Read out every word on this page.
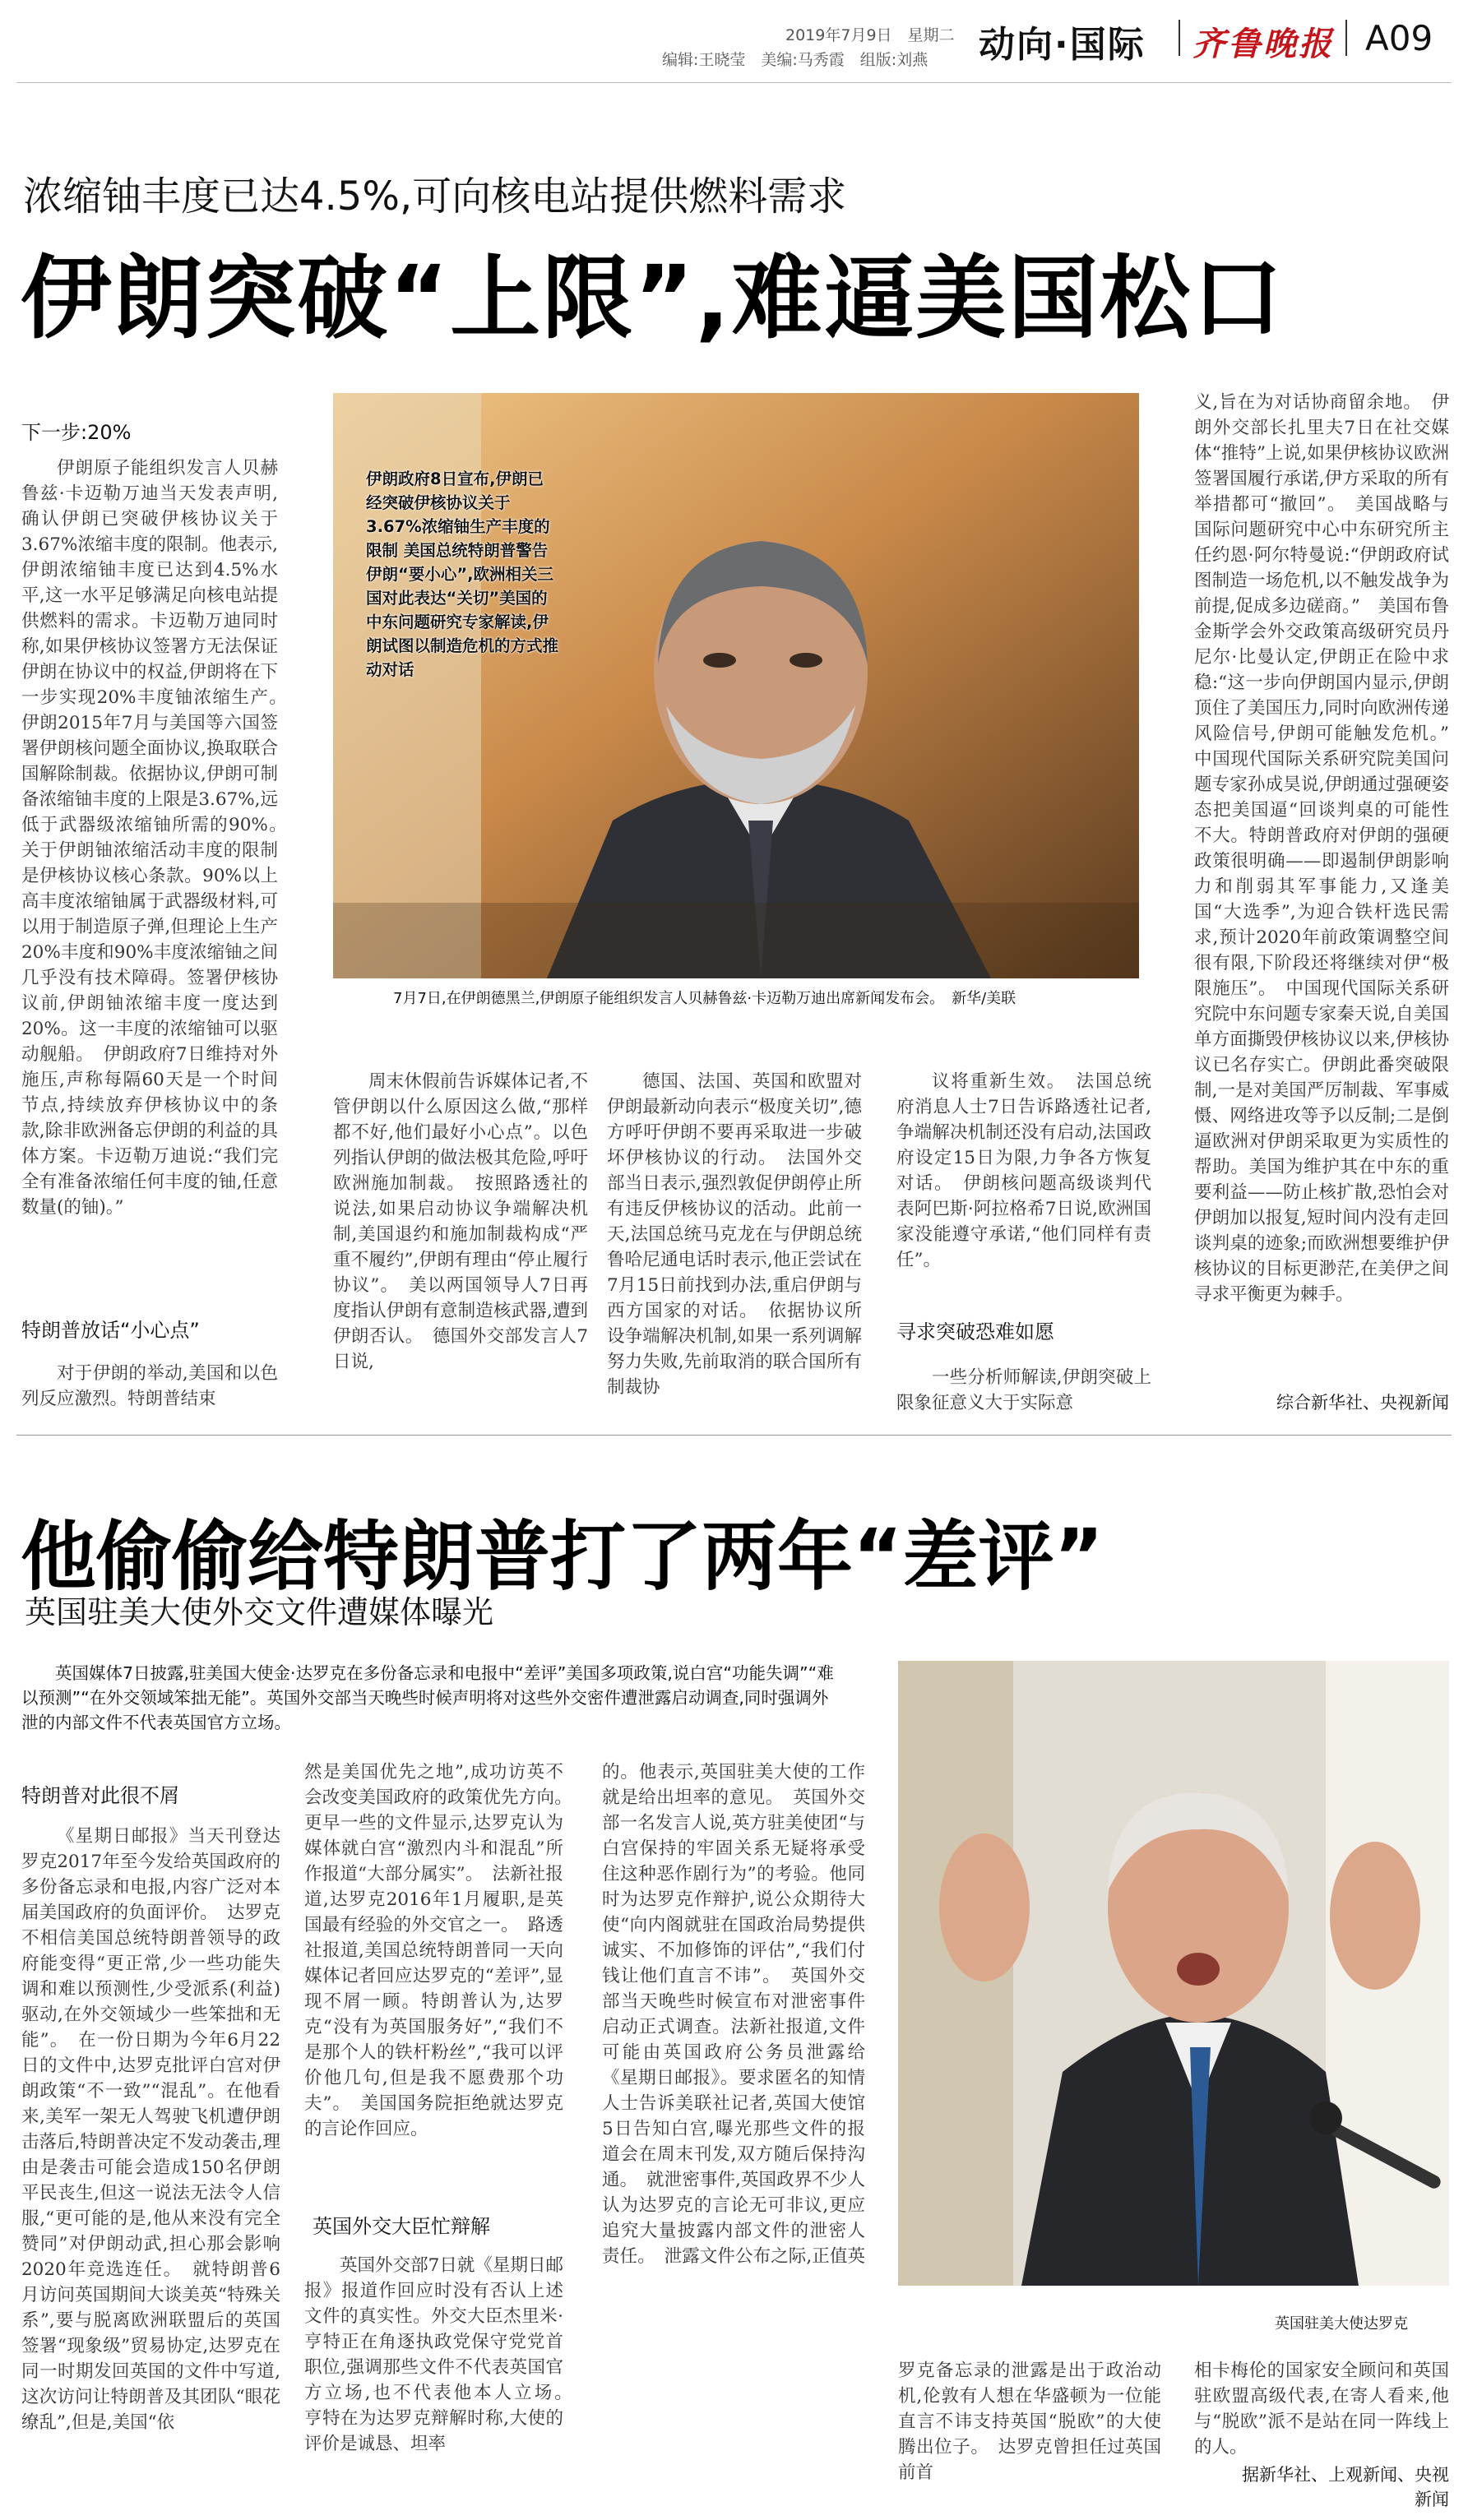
2019年7月9日　星期二
编辑:王晓莹　美编:马秀霞　组版:刘燕 动向·国际 齐鲁晚报 A09
浓缩铀丰度已达4.5%,可向核电站提供燃料需求
伊朗突破“上限”,难逼美国松口
下一步:20%

伊朗原子能组织发言人贝赫鲁兹·卡迈勒万迪当天发表声明,确认伊朗已突破伊核协议关于3.67%浓缩丰度的限制。他表示,伊朗浓缩铀丰度已达到4.5%水平,这一水平足够满足向核电站提供燃料的需求。卡迈勒万迪同时称,如果伊核协议签署方无法保证伊朗在协议中的权益,伊朗将在下一步实现20%丰度铀浓缩生产。　伊朗2015年7月与美国等六国签署伊朗核问题全面协议,换取联合国解除制裁。依据协议,伊朗可制备浓缩铀丰度的上限是3.67%,远低于武器级浓缩铀所需的90%。　关于伊朗铀浓缩活动丰度的限制是伊核协议核心条款。90%以上高丰度浓缩铀属于武器级材料,可以用于制造原子弹,但理论上生产20%丰度和90%丰度浓缩铀之间几乎没有技术障碍。签署伊核协议前,伊朗铀浓缩丰度一度达到20%。这一丰度的浓缩铀可以驱动舰船。　伊朗政府7日维持对外施压,声称每隔60天是一个时间节点,持续放弃伊核协议中的条款,除非欧洲备忘伊朗的利益的具体方案。卡迈勒万迪说:“我们完全有准备浓缩任何丰度的铀,任意数量(的铀)。”

特朗普放话“小心点”

对于伊朗的举动,美国和以色列反应激烈。特朗普结束

伊朗政府8日宣布,伊朗已经突破伊核协议关于3.67%浓缩铀生产丰度的限制 美国总统特朗普警告伊朗“要小心”,欧洲相关三国对此表达“关切”美国的中东问题研究专家解读,伊朗试图以制造危机的方式推动对话
7月7日,在伊朗德黑兰,伊朗原子能组织发言人贝赫鲁兹·卡迈勒万迪出席新闻发布会。　新华/美联

周末休假前告诉媒体记者,不管伊朗以什么原因这么做,“那样都不好,他们最好小心点”。以色列指认伊朗的做法极其危险,呼吁欧洲施加制裁。　按照路透社的说法,如果启动协议争端解决机制,美国退约和施加制裁构成“严重不履约”,伊朗有理由“停止履行协议”。　美以两国领导人7日再度指认伊朗有意制造核武器,遭到伊朗否认。　德国外交部发言人7日说,

德国、法国、英国和欧盟对伊朗最新动向表示“极度关切”,德方呼吁伊朗不要再采取进一步破坏伊核协议的行动。　法国外交部当日表示,强烈敦促伊朗停止所有违反伊核协议的活动。此前一天,法国总统马克龙在与伊朗总统鲁哈尼通电话时表示,他正尝试在7月15日前找到办法,重启伊朗与西方国家的对话。　依据协议所设争端解决机制,如果一系列调解努力失败,先前取消的联合国所有制裁协

议将重新生效。　法国总统府消息人士7日告诉路透社记者,争端解决机制还没有启动,法国政府设定15日为限,力争各方恢复对话。　伊朗核问题高级谈判代表阿巴斯·阿拉格希7日说,欧洲国家没能遵守承诺,“他们同样有责任”。

寻求突破恐难如愿

一些分析师解读,伊朗突破上限象征意义大于实际意

义,旨在为对话协商留余地。　伊朗外交部长扎里夫7日在社交媒体“推特”上说,如果伊核协议欧洲签署国履行承诺,伊方采取的所有举措都可“撤回”。　美国战略与国际问题研究中心中东研究所主任约恩·阿尔特曼说:“伊朗政府试图制造一场危机,以不触发战争为前提,促成多边磋商。”　美国布鲁金斯学会外交政策高级研究员丹尼尔·比曼认定,伊朗正在险中求稳:“这一步向伊朗国内显示,伊朗顶住了美国压力,同时向欧洲传递风险信号,伊朗可能触发危机。”　中国现代国际关系研究院美国问题专家孙成昊说,伊朗通过强硬姿态把美国逼“回谈判桌的可能性不大。特朗普政府对伊朗的强硬政策很明确——即遏制伊朗影响力和削弱其军事能力,又逢美国“大选季”,为迎合铁杆选民需求,预计2020年前政策调整空间很有限,下阶段还将继续对伊“极限施压”。　中国现代国际关系研究院中东问题专家秦天说,自美国单方面撕毁伊核协议以来,伊核协议已名存实亡。伊朗此番突破限制,一是对美国严厉制裁、军事威慑、网络进攻等予以反制;二是倒逼欧洲对伊朗采取更为实质性的帮助。美国为维护其在中东的重要利益——防止核扩散,恐怕会对伊朗加以报复,短时间内没有走回谈判桌的迹象;而欧洲想要维护伊核协议的目标更渺茫,在美伊之间寻求平衡更为棘手。

综合新华社、央视新闻
他偷偷给特朗普打了两年“差评”
英国驻美大使外交文件遭媒体曝光
英国媒体7日披露,驻美国大使金·达罗克在多份备忘录和电报中“差评”美国多项政策,说白宫“功能失调”“难以预测”“在外交领域笨拙无能”。英国外交部当天晚些时候声明将对这些外交密件遭泄露启动调查,同时强调外泄的内部文件不代表英国官方立场。
特朗普对此很不屑

《星期日邮报》当天刊登达罗克2017年至今发给英国政府的多份备忘录和电报,内容广泛对本届美国政府的负面评价。　达罗克不相信美国总统特朗普领导的政府能变得“更正常,少一些功能失调和难以预测性,少受派系(利益)驱动,在外交领域少一些笨拙和无能”。　在一份日期为今年6月22日的文件中,达罗克批评白宫对伊朗政策“不一致”“混乱”。在他看来,美军一架无人驾驶飞机遭伊朗击落后,特朗普决定不发动袭击,理由是袭击可能会造成150名伊朗平民丧生,但这一说法无法令人信服,“更可能的是,他从来没有完全赞同”对伊朗动武,担心那会影响2020年竞选连任。　就特朗普6月访问英国期间大谈美英“特殊关系”,要与脱离欧洲联盟后的英国签署“现象级”贸易协定,达罗克在同一时期发回英国的文件中写道,这次访问让特朗普及其团队“眼花缭乱”,但是,美国“依

然是美国优先之地”,成功访英不会改变美国政府的政策优先方向。　更早一些的文件显示,达罗克认为媒体就白宫“激烈内斗和混乱”所作报道“大部分属实”。　法新社报道,达罗克2016年1月履职,是英国最有经验的外交官之一。　路透社报道,美国总统特朗普同一天向媒体记者回应达罗克的“差评”,显现不屑一顾。特朗普认为,达罗克“没有为英国服务好”,“我们不是那个人的铁杆粉丝”,“我可以评价他几句,但是我不愿费那个功夫”。　美国国务院拒绝就达罗克的言论作回应。

英国外交大臣忙辩解

英国外交部7日就《星期日邮报》报道作回应时没有否认上述文件的真实性。外交大臣杰里米·亨特正在角逐执政党保守党党首职位,强调那些文件不代表英国官方立场,也不代表他本人立场。　亨特在为达罗克辩解时称,大使的评价是诚恳、坦率

的。他表示,英国驻美大使的工作就是给出坦率的意见。　英国外交部一名发言人说,英方驻美使团“与白宫保持的牢固关系无疑将承受住这种恶作剧行为”的考验。他同时为达罗克作辩护,说公众期待大使“向内阁就驻在国政治局势提供诚实、不加修饰的评估”,“我们付钱让他们直言不讳”。　英国外交部当天晚些时候宣布对泄密事件启动正式调查。法新社报道,文件可能由英国政府公务员泄露给《星期日邮报》。要求匿名的知情人士告诉美联社记者,英国大使馆5日告知白宫,曝光那些文件的报道会在周末刊发,双方随后保持沟通。　就泄密事件,英国政界不少人认为达罗克的言论无可非议,更应追究大量披露内部文件的泄密人责任。　泄露文件公布之际,正值英

英国驻美大使达罗克

罗克备忘录的泄露是出于政治动机,伦敦有人想在华盛顿为一位能直言不讳支持英国“脱欧”的大使腾出位子。　达罗克曾担任过英国前首

相卡梅伦的国家安全顾问和英国驻欧盟高级代表,在寄人看来,他与“脱欧”派不是站在同一阵线上的人。

据新华社、上观新闻、央视新闻
